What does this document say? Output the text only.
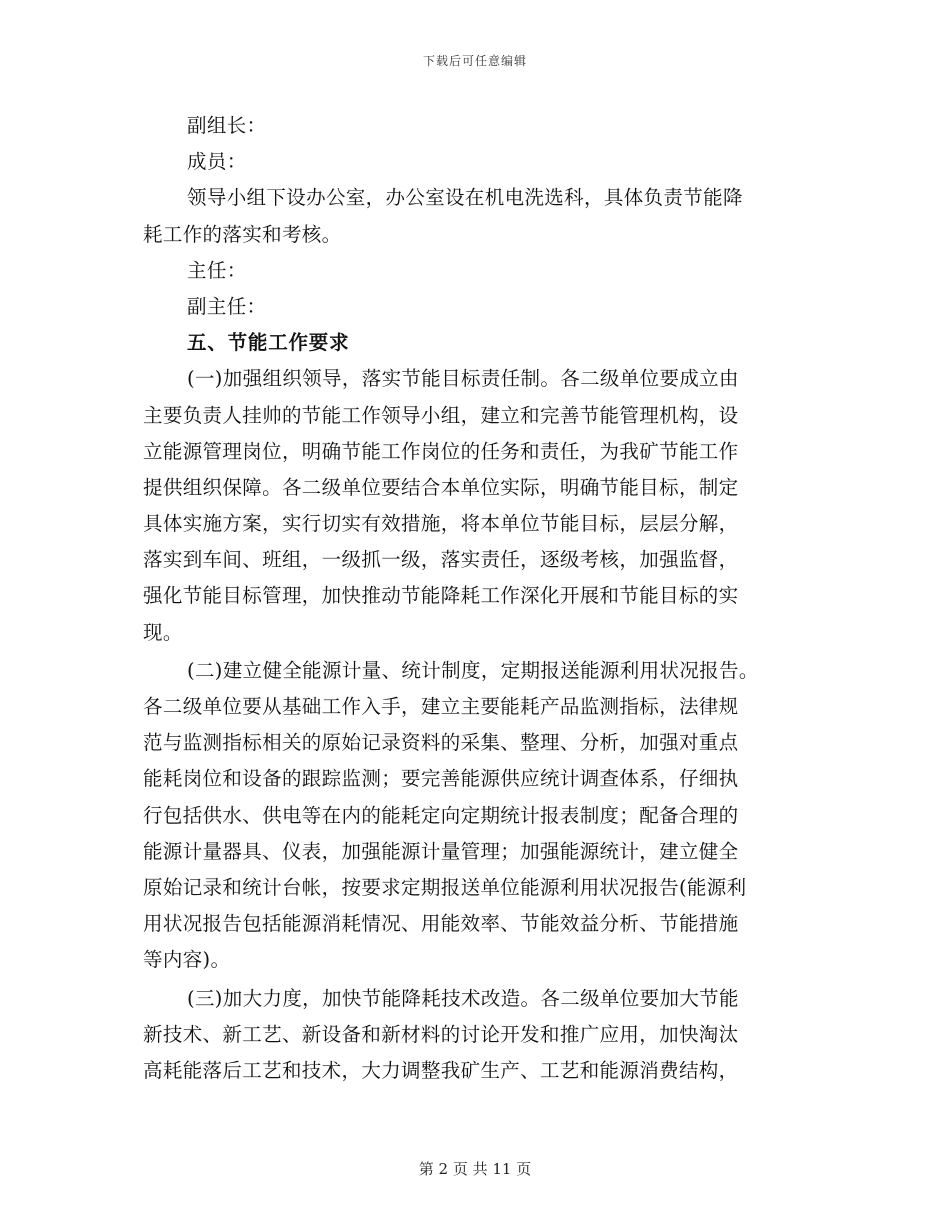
下载后可任意编辑
副组长：
成员：
领导小组下设办公室，办公室设在机电洗选科，具体负责节能降
耗工作的落实和考核。
主任：
副主任：
五、节能工作要求
(一)加强组织领导，落实节能目标责任制。各二级单位要成立由
主要负责人挂帅的节能工作领导小组，建立和完善节能管理机构，设
立能源管理岗位，明确节能工作岗位的任务和责任，为我矿节能工作
提供组织保障。各二级单位要结合本单位实际，明确节能目标，制定
具体实施方案，实行切实有效措施，将本单位节能目标，层层分解，
落实到车间、班组，一级抓一级，落实责任，逐级考核，加强监督，
强化节能目标管理，加快推动节能降耗工作深化开展和节能目标的实
现。
(二)建立健全能源计量、统计制度，定期报送能源利用状况报告。
各二级单位要从基础工作入手，建立主要能耗产品监测指标，法律规
范与监测指标相关的原始记录资料的采集、整理、分析，加强对重点
能耗岗位和设备的跟踪监测；要完善能源供应统计调查体系，仔细执
行包括供水、供电等在内的能耗定向定期统计报表制度；配备合理的
能源计量器具、仪表，加强能源计量管理；加强能源统计，建立健全
原始记录和统计台帐，按要求定期报送单位能源利用状况报告(能源利
用状况报告包括能源消耗情况、用能效率、节能效益分析、节能措施
等内容)。
(三)加大力度，加快节能降耗技术改造。各二级单位要加大节能
新技术、新工艺、新设备和新材料的讨论开发和推广应用，加快淘汰
高耗能落后工艺和技术，大力调整我矿生产、工艺和能源消费结构，
第 2 页 共 11 页
